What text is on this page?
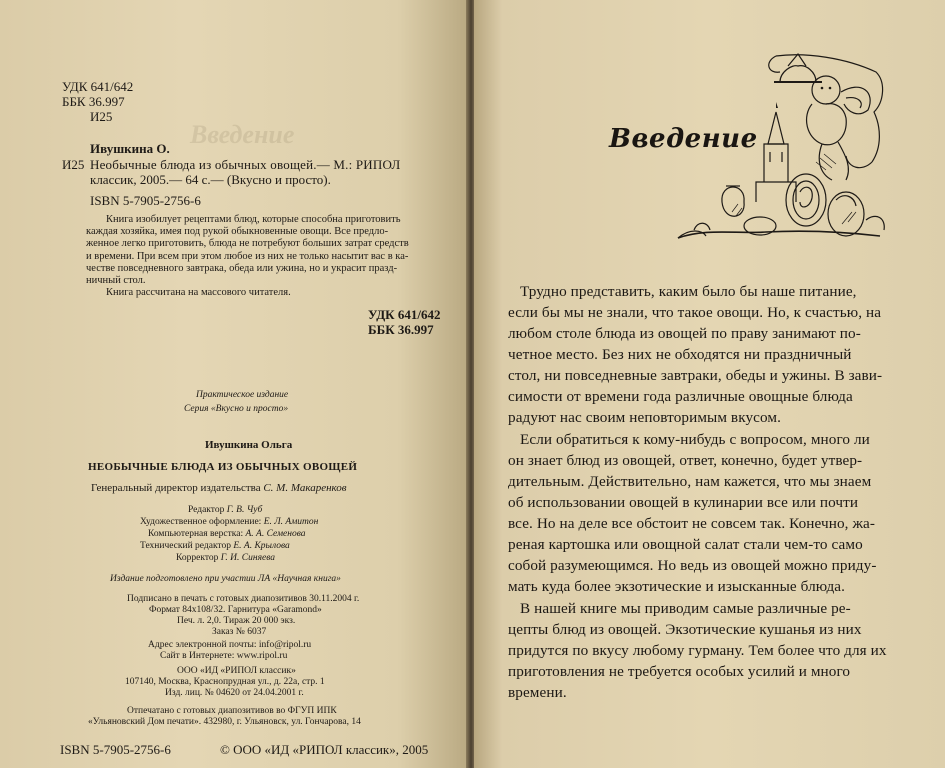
Введение
УДК 641/642
ББК 36.997
И25
Ивушкина О.
И25 Необычные блюда из обычных овощей.— М.: РИПОЛ
классик, 2005.— 64 с.— (Вкусно и просто).
ISBN 5-7905-2756-6
Книга изобилует рецептами блюд, которые способна приготовить
каждая хозяйка, имея под рукой обыкновенные овощи. Все предло-
женное легко приготовить, блюда не потребуют больших затрат средств
и времени. При всем при этом любое из них не только насытит вас в ка-
честве повседневного завтрака, обеда или ужина, но и украсит празд-
ничный стол.
Книга рассчитана на массового читателя.
УДК 641/642
ББК 36.997
Практическое издание
Серия «Вкусно и просто»
Ивушкина Ольга
НЕОБЫЧНЫЕ БЛЮДА ИЗ ОБЫЧНЫХ ОВОЩЕЙ
Генеральный директор издательства С. М. Макаренков
Редактор Г. В. Чуб
Художественное оформление: Е. Л. Амитон
Компьютерная верстка: А. А. Семенова
Технический редактор Е. А. Крылова
Корректор Г. И. Синяева
Издание подготовлено при участии ЛА «Научная книга»
Подписано в печать с готовых диапозитивов 30.11.2004 г.
Формат 84х108/32. Гарнитура «Garamond»
Печ. л. 2,0. Тираж 20 000 экз.
Заказ № 6037
Адрес электронной почты: info@ripol.ru
Сайт в Интернете: www.ripol.ru
ООО «ИД «РИПОЛ классик»
107140, Москва, Краснопрудная ул., д. 22а, стр. 1
Изд. лиц. № 04620 от 24.04.2001 г.
Отпечатано с готовых диапозитивов во ФГУП ИПК
«Ульяновский Дом печати». 432980, г. Ульяновск, ул. Гончарова, 14
ISBN 5-7905-2756-6	© ООО «ИД «РИПОЛ классик», 2005
Введение
Трудно представить, каким было бы наше питание,
если бы мы не знали, что такое овощи. Но, к счастью, на
любом столе блюда из овощей по праву занимают по-
четное место. Без них не обходятся ни праздничный
стол, ни повседневные завтраки, обеды и ужины. В зави-
симости от времени года различные овощные блюда
радуют нас своим неповторимым вкусом.
Если обратиться к кому-нибудь с вопросом, много ли
он знает блюд из овощей, ответ, конечно, будет утвер-
дительным. Действительно, нам кажется, что мы знаем
об использовании овощей в кулинарии все или почти
все. Но на деле все обстоит не совсем так. Конечно, жа-
реная картошка или овощной салат стали чем-то само
собой разумеющимся. Но ведь из овощей можно приду-
мать куда более экзотические и изысканные блюда.
В нашей книге мы приводим самые различные ре-
цепты блюд из овощей. Экзотические кушанья из них
придутся по вкусу любому гурману. Тем более что для их
приготовления не требуется особых усилий и много
времени.
